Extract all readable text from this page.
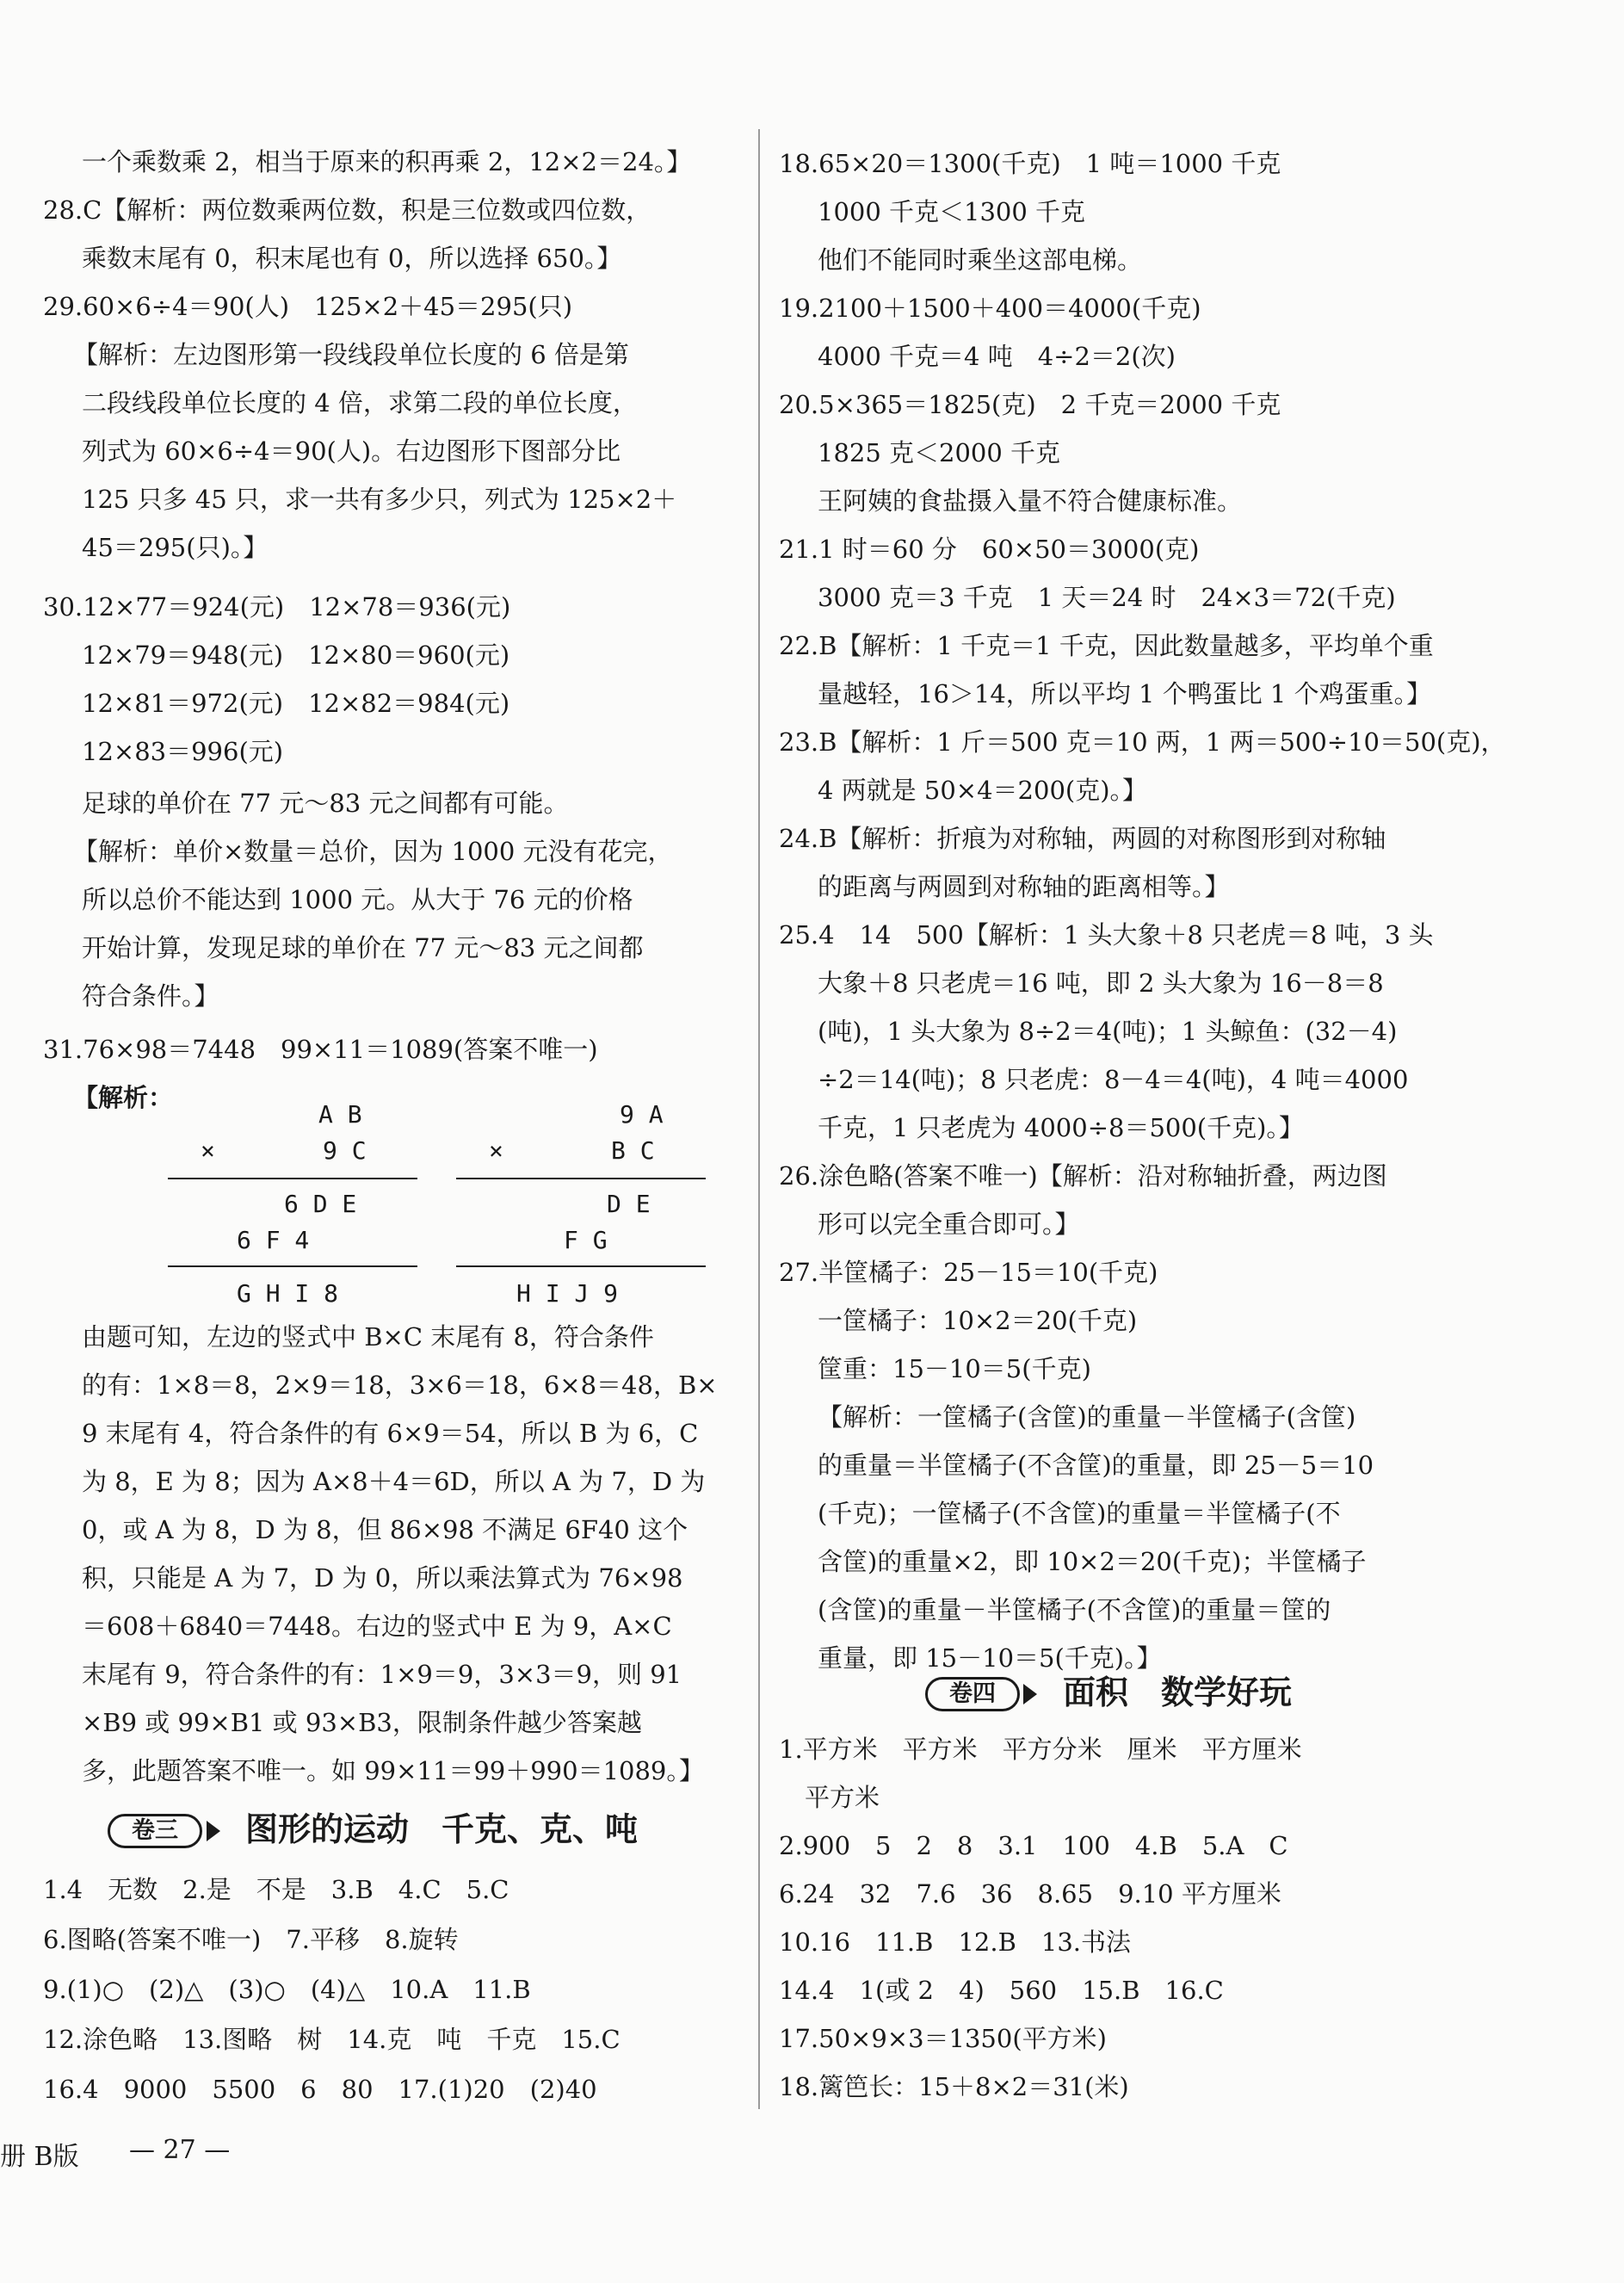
一个乘数乘 2，相当于原来的积再乘 2，12×2＝24。】
28.C【解析：两位数乘两位数，积是三位数或四位数，
乘数末尾有 0，积末尾也有 0，所以选择 650。】
29.60×6÷4＝90(人)　125×2＋45＝295(只)
【解析：左边图形第一段线段单位长度的 6 倍是第
二段线段单位长度的 4 倍，求第二段的单位长度，
列式为 60×6÷4＝90(人)。右边图形下图部分比
125 只多 45 只，求一共有多少只，列式为 125×2＋
45＝295(只)。】
30.12×77＝924(元)　12×78＝936(元)
12×79＝948(元)　12×80＝960(元)
12×81＝972(元)　12×82＝984(元)
12×83＝996(元)
足球的单价在 77 元～83 元之间都有可能。
【解析：单价×数量＝总价，因为 1000 元没有花完，
所以总价不能达到 1000 元。从大于 76 元的价格
开始计算，发现足球的单价在 77 元～83 元之间都
符合条件。】
31.76×98＝7448　99×11＝1089(答案不唯一)
【解析：
A B
×	9 C
6 D E
6 F 4
G H I 8
9 A
×	B C
D E
F G
H I J 9
由题可知，左边的竖式中 B×C 末尾有 8，符合条件
的有：1×8＝8，2×9＝18，3×6＝18，6×8＝48，B×
9 末尾有 4，符合条件的有 6×9＝54，所以 B 为 6，C
为 8，E 为 8；因为 A×8＋4＝6D，所以 A 为 7，D 为
0，或 A 为 8，D 为 8，但 86×98 不满足 6F40 这个
积，只能是 A 为 7，D 为 0，所以乘法算式为 76×98
＝608＋6840＝7448。右边的竖式中 E 为 9，A×C
末尾有 9，符合条件的有：1×9＝9，3×3＝9，则 91
×B9 或 99×B1 或 93×B3，限制条件越少答案越
多，此题答案不唯一。如 99×11＝99＋990＝1089。】
卷三	图形的运动　千克、克、吨
1.4　无数　2.是　不是　3.B　4.C　5.C
6.图略(答案不唯一)　7.平移　8.旋转
9.(1)○　(2)△　(3)○　(4)△　10.A　11.B
12.涂色略　13.图略　树　14.克　吨　千克　15.C
16.4　9000　5500　6　80　17.(1)20　(2)40
18.65×20＝1300(千克)　1 吨＝1000 千克
1000 千克＜1300 千克
他们不能同时乘坐这部电梯。
19.2100＋1500＋400＝4000(千克)
4000 千克＝4 吨　4÷2＝2(次)
20.5×365＝1825(克)　2 千克＝2000 千克
1825 克＜2000 千克
王阿姨的食盐摄入量不符合健康标准。
21.1 时＝60 分　60×50＝3000(克)
3000 克＝3 千克　1 天＝24 时　24×3＝72(千克)
22.B【解析：1 千克＝1 千克，因此数量越多，平均单个重
量越轻，16＞14，所以平均 1 个鸭蛋比 1 个鸡蛋重。】
23.B【解析：1 斤＝500 克＝10 两，1 两＝500÷10＝50(克)，
4 两就是 50×4＝200(克)。】
24.B【解析：折痕为对称轴，两圆的对称图形到对称轴
的距离与两圆到对称轴的距离相等。】
25.4　14　500【解析：1 头大象＋8 只老虎＝8 吨，3 头
大象＋8 只老虎＝16 吨，即 2 头大象为 16－8＝8
(吨)，1 头大象为 8÷2＝4(吨)；1 头鲸鱼：(32－4)
÷2＝14(吨)；8 只老虎：8－4＝4(吨)，4 吨＝4000
千克，1 只老虎为 4000÷8＝500(千克)。】
26.涂色略(答案不唯一)【解析：沿对称轴折叠，两边图
形可以完全重合即可。】
27.半筐橘子：25－15＝10(千克)
一筐橘子：10×2＝20(千克)
筐重：15－10＝5(千克)
【解析：一筐橘子(含筐)的重量－半筐橘子(含筐)
的重量＝半筐橘子(不含筐)的重量，即 25－5＝10
(千克)；一筐橘子(不含筐)的重量＝半筐橘子(不
含筐)的重量×2，即 10×2＝20(千克)；半筐橘子
(含筐)的重量－半筐橘子(不含筐)的重量＝筐的
重量，即 15－10＝5(千克)。】
卷四	面积　数学好玩
1.平方米　平方米　平方分米　厘米　平方厘米
平方米
2.900　5　2　8　3.1　100　4.B　5.A　C
6.24　32　7.6　36　8.65　9.10 平方厘米
10.16　11.B　12.B　13.书法
14.4　1(或 2　4)　560　15.B　16.C
17.50×9×3＝1350(平方米)
18.篱笆长：15＋8×2＝31(米)
册 B版 — 27 —
